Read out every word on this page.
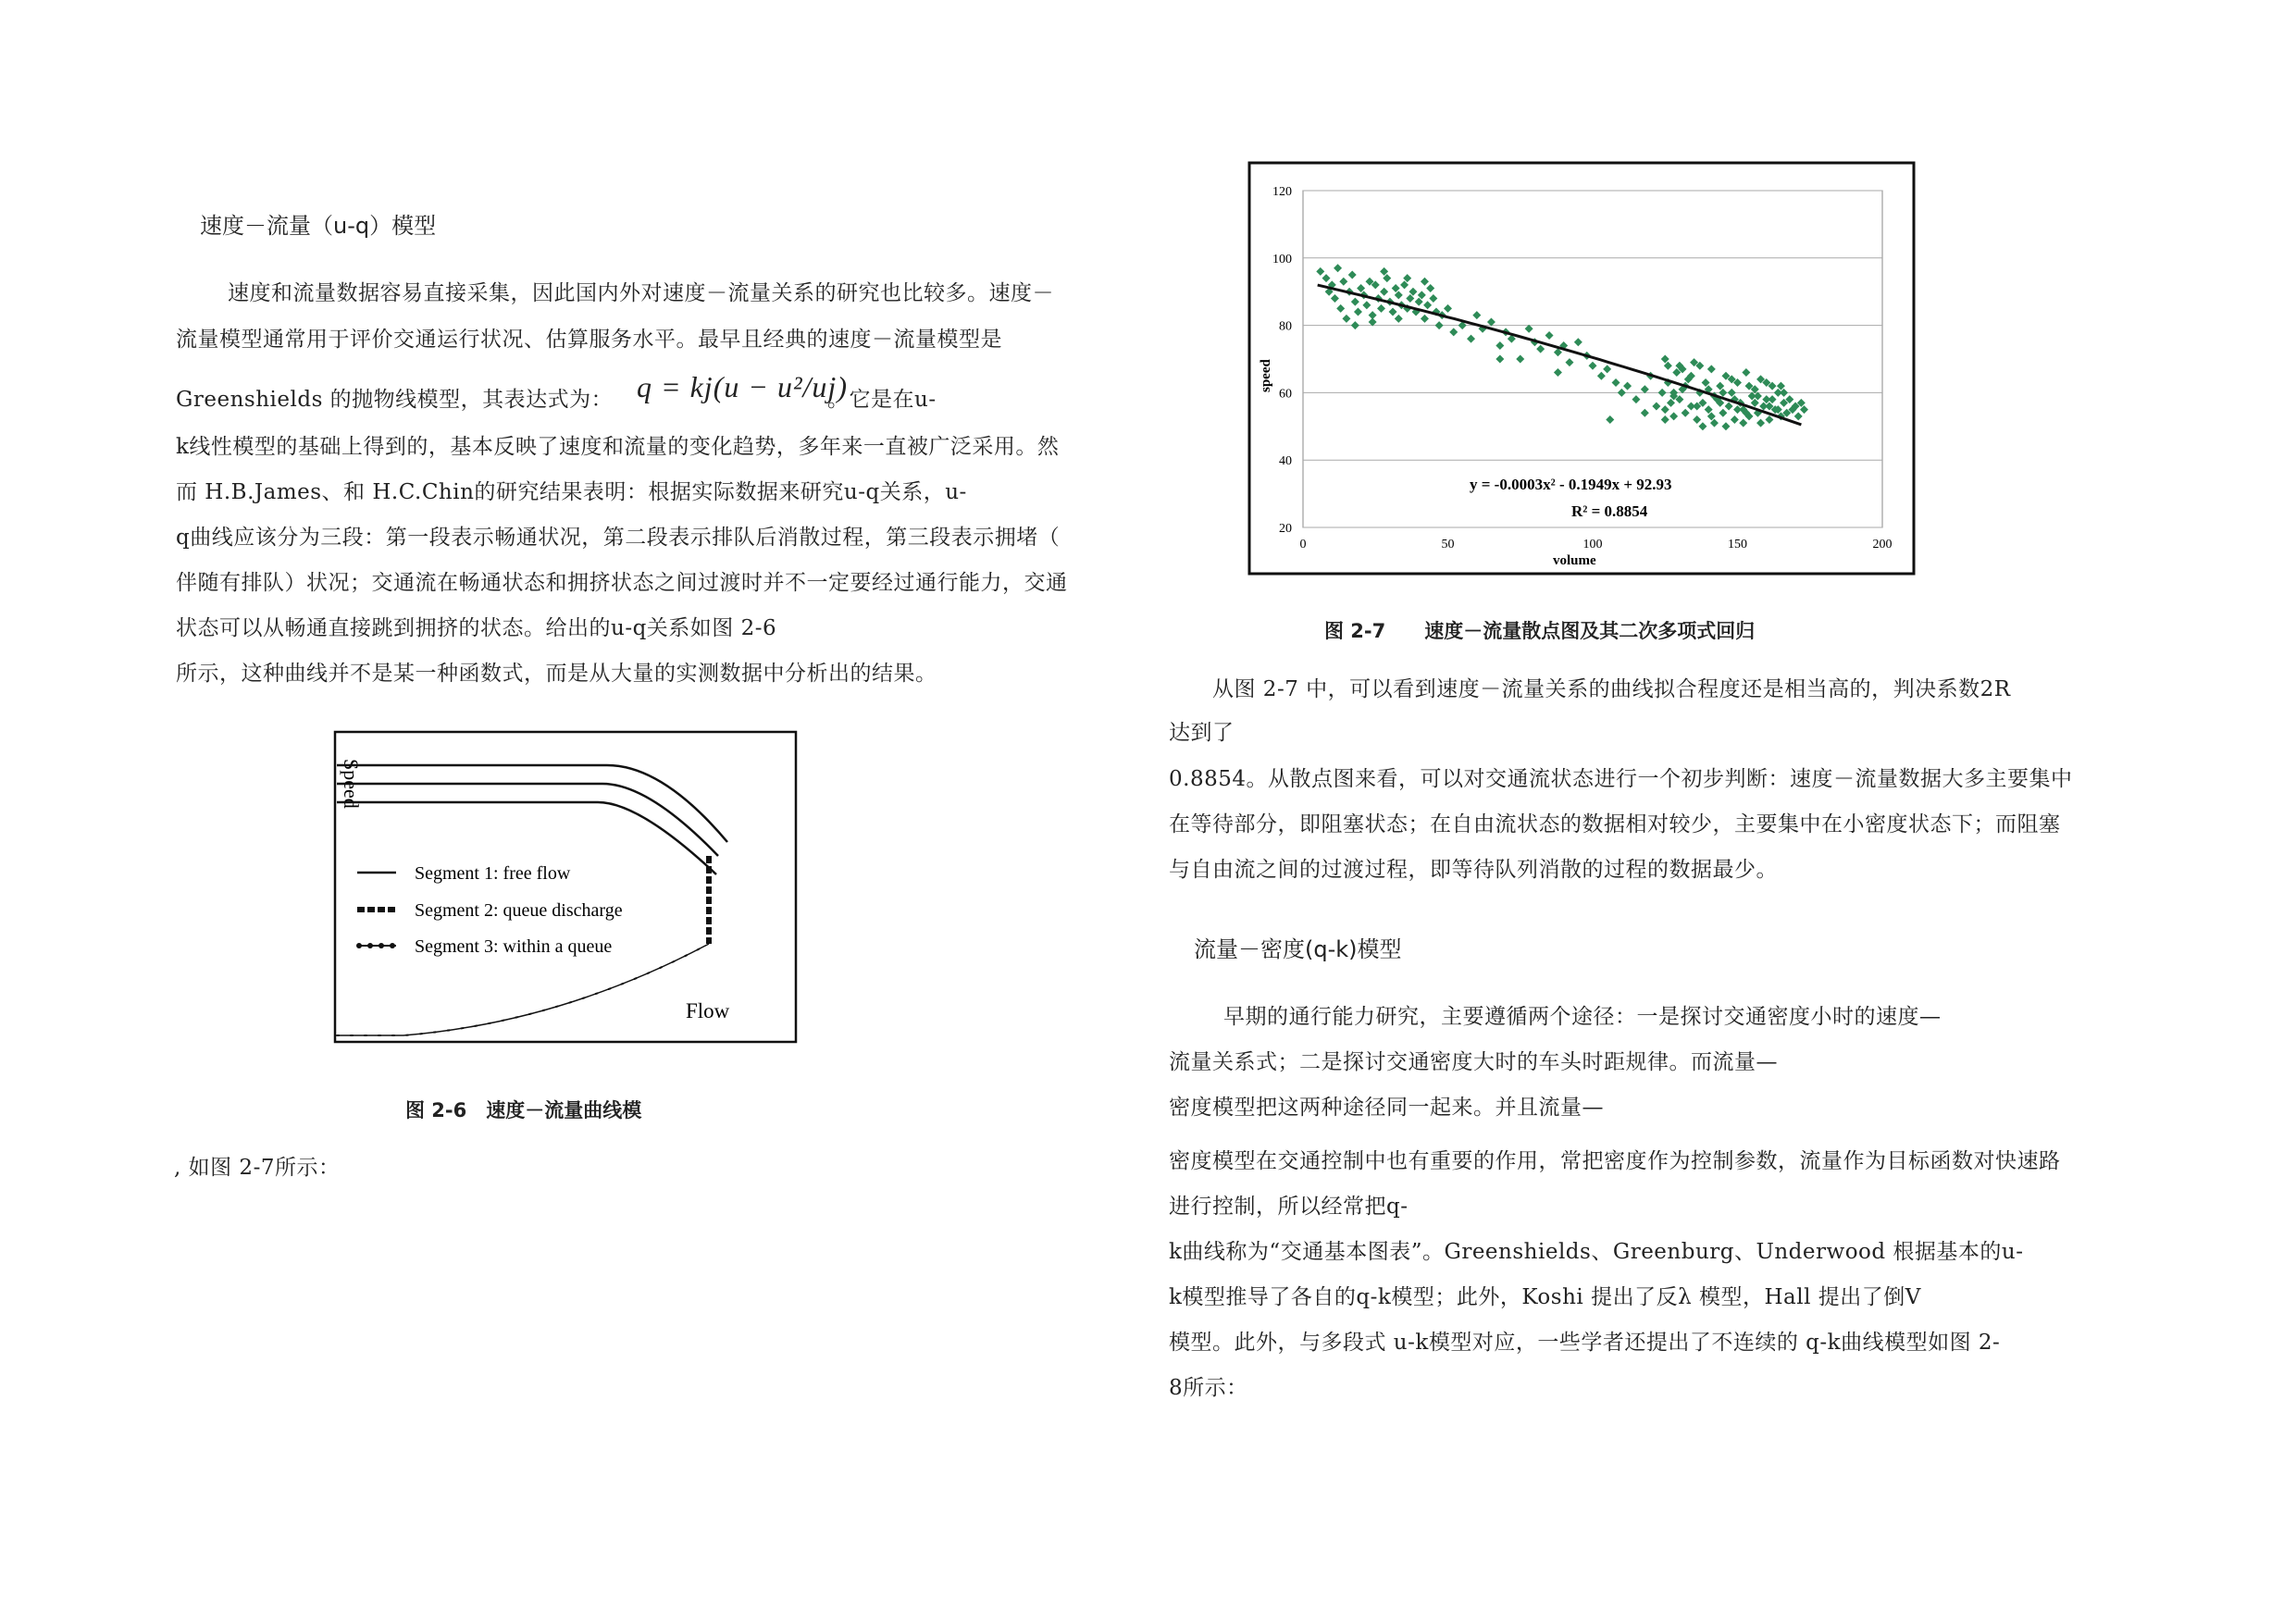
速度－流量（u-q）模型
速度和流量数据容易直接采集，因此国内外对速度－流量关系的研究也比较多。速度－
流量模型通常用于评价交通运行状况、估算服务水平。最早且经典的速度－流量模型是
Greenshields 的抛物线模型，其表达式为： q = kj(u − u²/uj)
。它是在u-
k线性模型的基础上得到的，基本反映了速度和流量的变化趋势，多年来一直被广泛采用。然
而 H.B.James、和 H.C.Chin的研究结果表明：根据实际数据来研究u-q关系，u-
q曲线应该分为三段：第一段表示畅通状况，第二段表示排队后消散过程，第三段表示拥堵（
伴随有排队）状况；交通流在畅通状态和拥挤状态之间过渡时并不一定要经过通行能力，交通
状态可以从畅通直接跳到拥挤的状态。给出的u-q关系如图 2-6
所示，这种曲线并不是某一种函数式，而是从大量的实测数据中分析出的结果。
Speed
Flow
Segment 1: free flow
Segment 2: queue discharge
Segment 3: within a queue
图 2-6　速度－流量曲线模
, 如图 2-7所示：
20
40
60
80
100
120
0	50	100	150	200
speed
volume
y = -0.0003x² - 0.1949x + 92.93
R² = 0.8854
图 2-7　　速度－流量散点图及其二次多项式回归
从图 2-7 中，可以看到速度－流量关系的曲线拟合程度还是相当高的，判决系数2R
达到了
0.8854。从散点图来看，可以对交通流状态进行一个初步判断：速度－流量数据大多主要集中
在等待部分，即阻塞状态；在自由流状态的数据相对较少，主要集中在小密度状态下；而阻塞
与自由流之间的过渡过程，即等待队列消散的过程的数据最少。
流量－密度(q-k)模型
早期的通行能力研究，主要遵循两个途径：一是探讨交通密度小时的速度—
流量关系式；二是探讨交通密度大时的车头时距规律。而流量—
密度模型把这两种途径同一起来。并且流量—
密度模型在交通控制中也有重要的作用，常把密度作为控制参数，流量作为目标函数对快速路
进行控制，所以经常把q-
k曲线称为“交通基本图表”。Greenshields、Greenburg、Underwood 根据基本的u-
k模型推导了各自的q-k模型；此外，Koshi 提出了反λ 模型，Hall 提出了倒V
模型。此外，与多段式 u-k模型对应，一些学者还提出了不连续的 q-k曲线模型如图 2-
8所示：
